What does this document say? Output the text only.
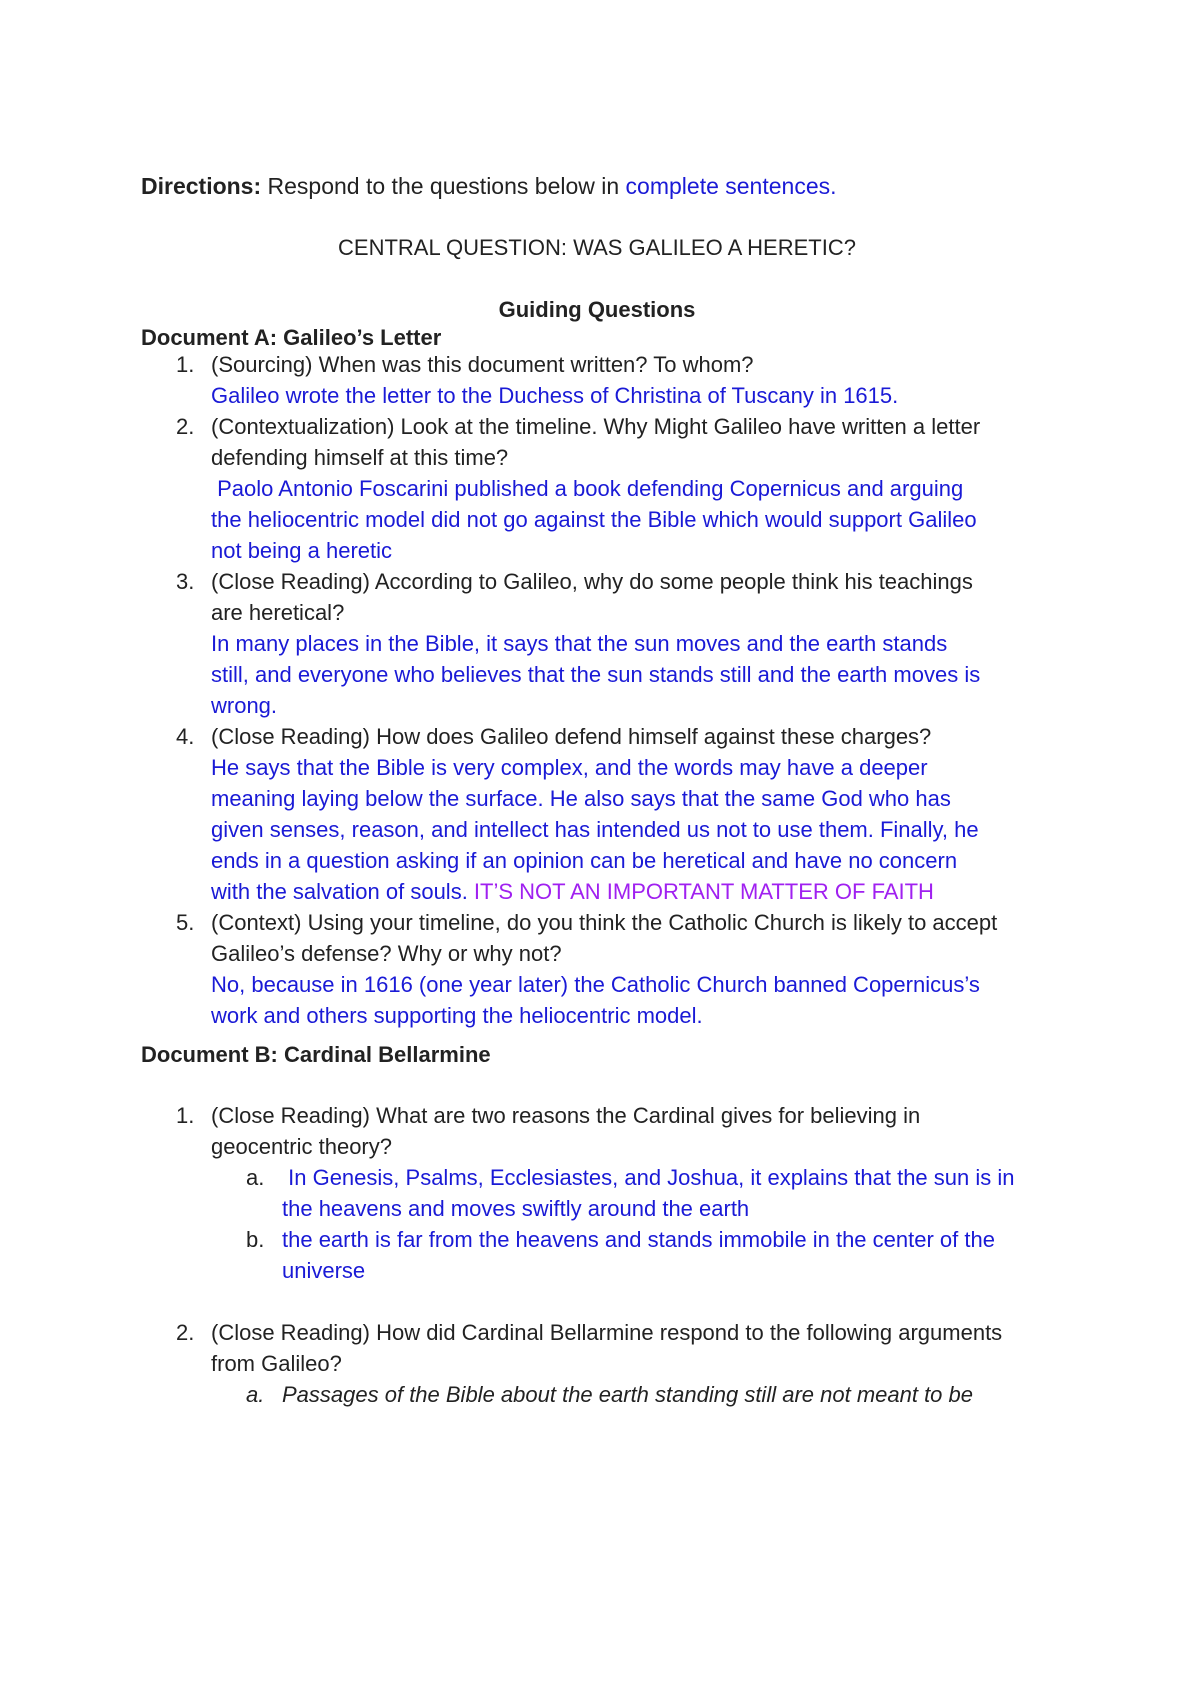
Directions: Respond to the questions below in complete sentences.
CENTRAL QUESTION: WAS GALILEO A HERETIC?
Guiding Questions
Document A: Galileo’s Letter
1. (Sourcing) When was this document written? To whom?
Galileo wrote the letter to the Duchess of Christina of Tuscany in 1615.
2. (Contextualization) Look at the timeline. Why Might Galileo have written a letter defending himself at this time?
Paolo Antonio Foscarini published a book defending Copernicus and arguing the heliocentric model did not go against the Bible which would support Galileo not being a heretic
3. (Close Reading) According to Galileo, why do some people think his teachings are heretical?
In many places in the Bible, it says that the sun moves and the earth stands still, and everyone who believes that the sun stands still and the earth moves is wrong.
4. (Close Reading) How does Galileo defend himself against these charges?
He says that the Bible is very complex, and the words may have a deeper meaning laying below the surface. He also says that the same God who has given senses, reason, and intellect has intended us not to use them. Finally, he ends in a question asking if an opinion can be heretical and have no concern with the salvation of souls. IT’S NOT AN IMPORTANT MATTER OF FAITH
5. (Context) Using your timeline, do you think the Catholic Church is likely to accept Galileo’s defense? Why or why not?
No, because in 1616 (one year later) the Catholic Church banned Copernicus’s work and others supporting the heliocentric model.
Document B: Cardinal Bellarmine
1. (Close Reading) What are two reasons the Cardinal gives for believing in geocentric theory?
a. In Genesis, Psalms, Ecclesiastes, and Joshua, it explains that the sun is in the heavens and moves swiftly around the earth
b. the earth is far from the heavens and stands immobile in the center of the universe
2. (Close Reading) How did Cardinal Bellarmine respond to the following arguments from Galileo?
a. Passages of the Bible about the earth standing still are not meant to be
